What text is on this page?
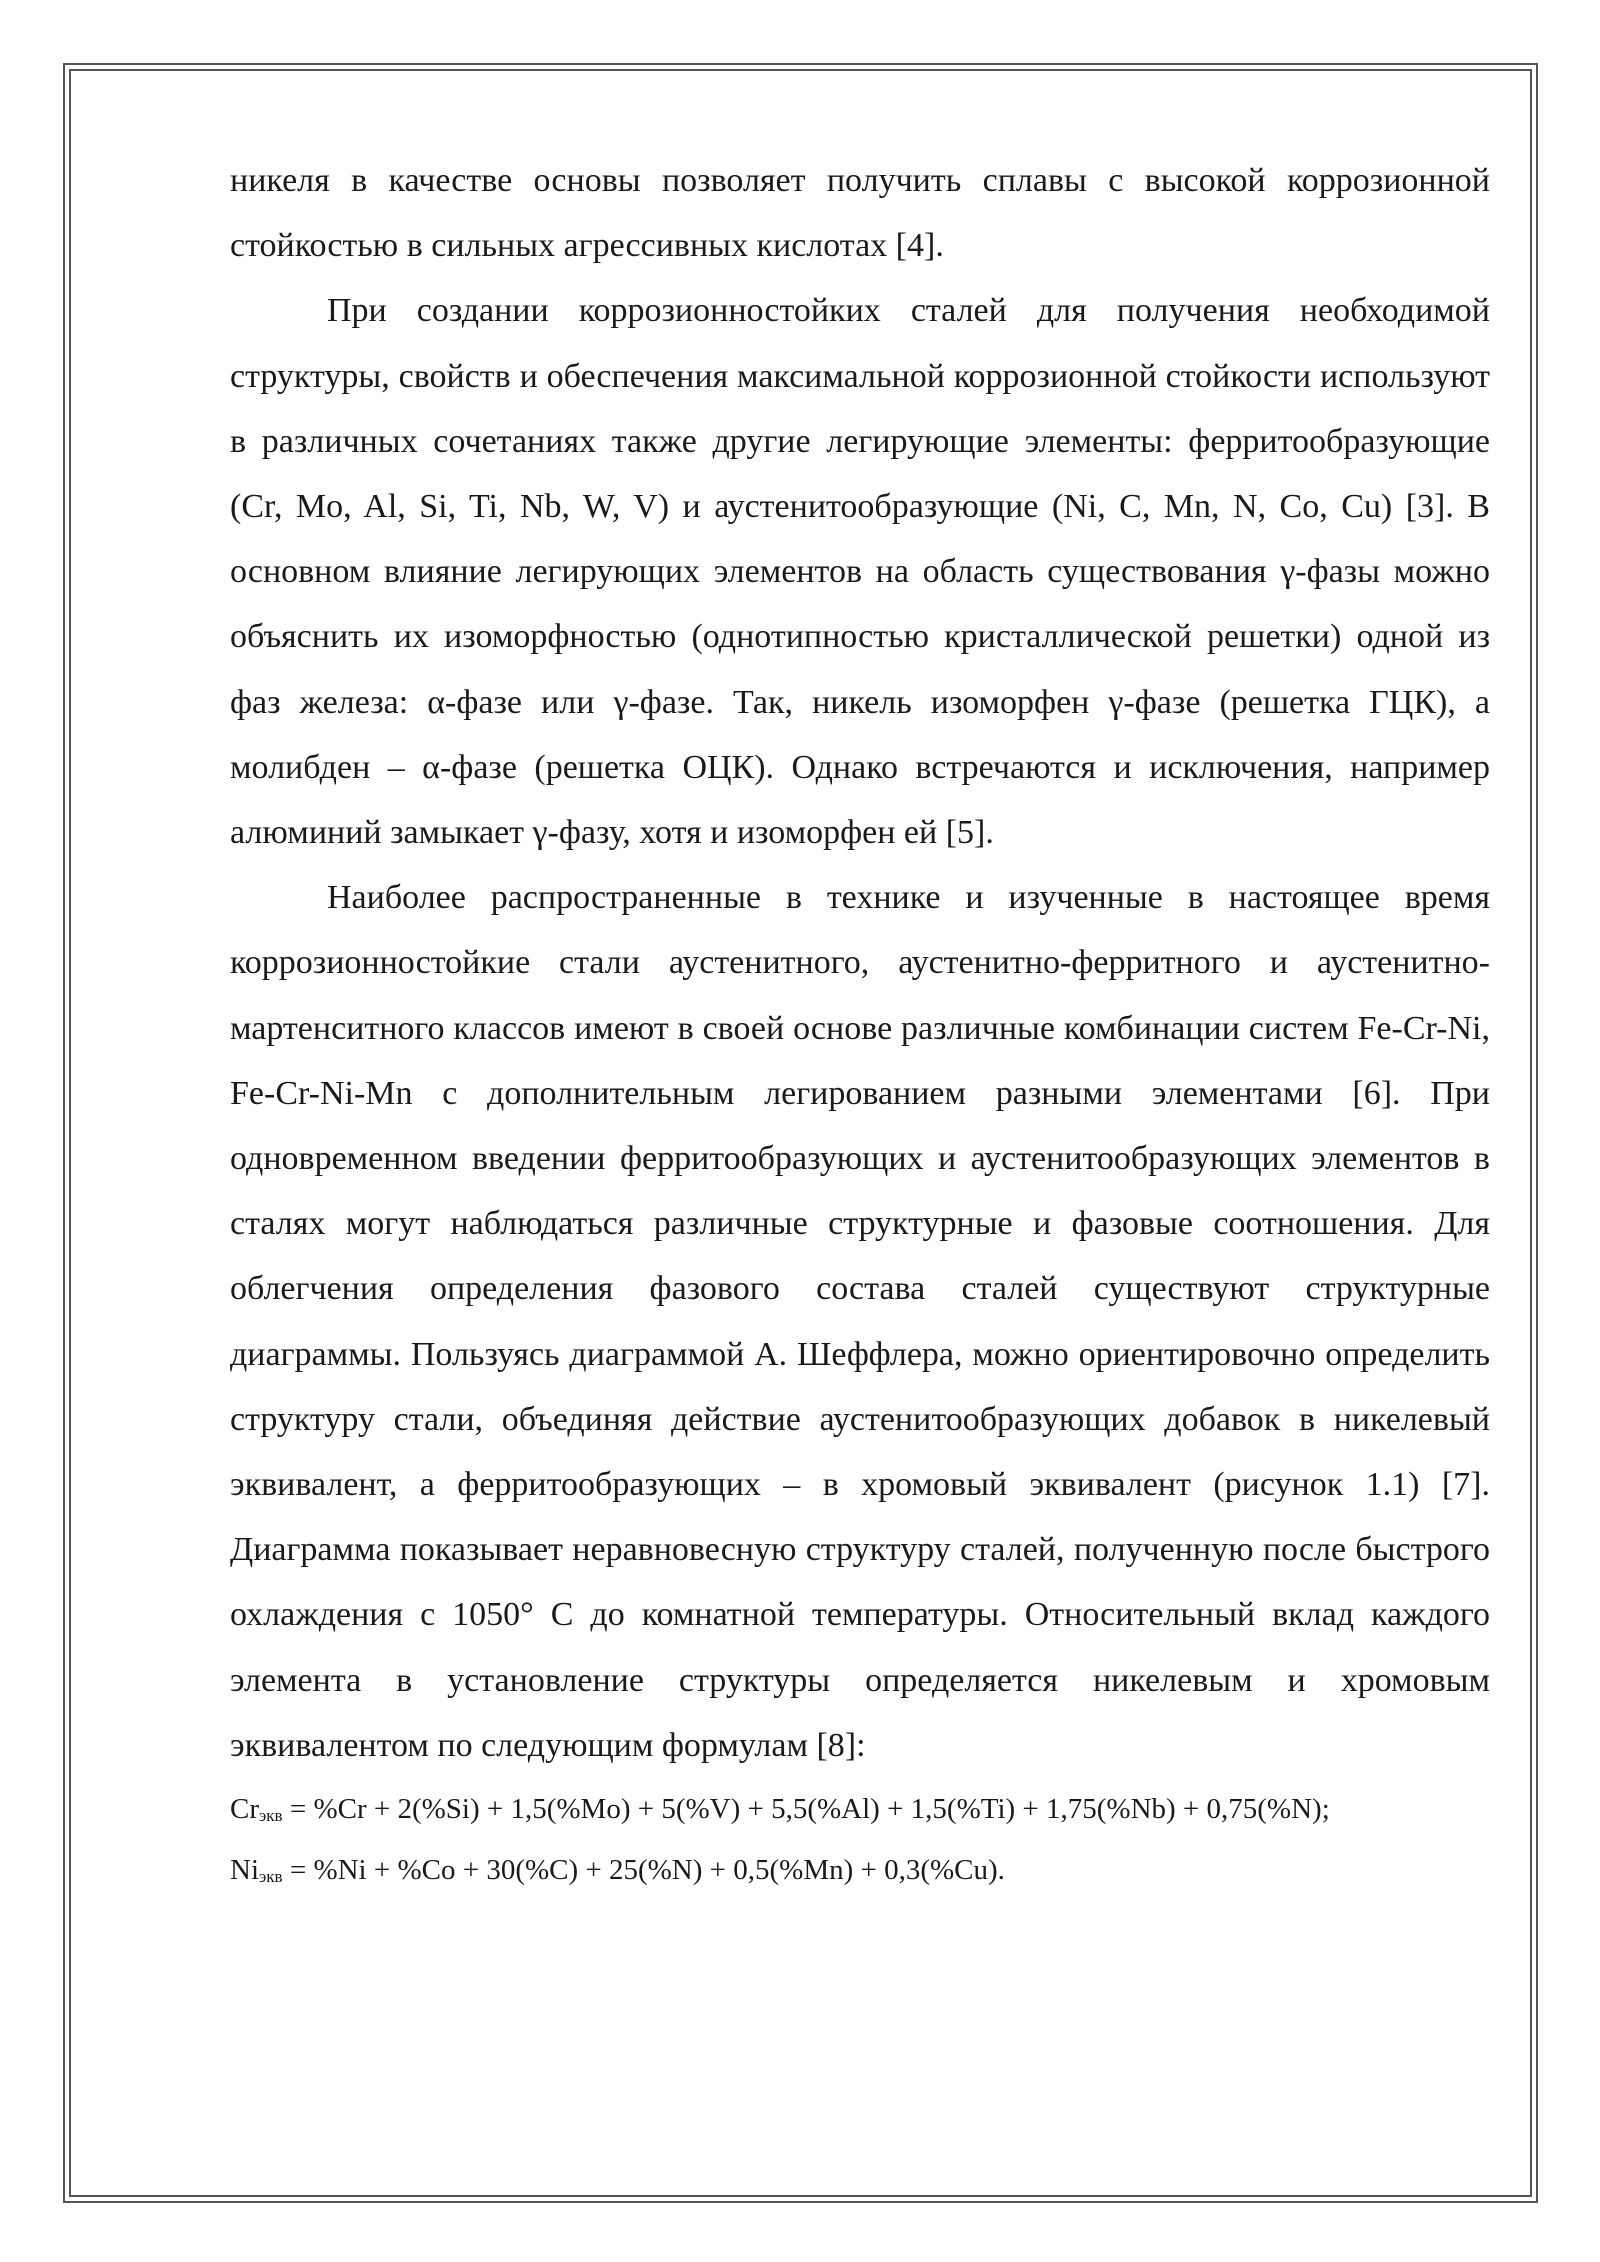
никеля в качестве основы позволяет получить сплавы с высокой коррозионной стойкостью в сильных агрессивных кислотах [4].

При создании коррозионностойких сталей для получения необходимой структуры, свойств и обеспечения максимальной коррозионной стойкости используют в различных сочетаниях также другие легирующие элементы: ферритообразующие (Cr, Mo, Al, Si, Ti, Nb, W, V) и аустенитообразующие (Ni, C, Mn, N, Co, Cu) [3]. В основном влияние легирующих элементов на область существования γ-фазы можно объяснить их изоморфностью (однотипностью кристаллической решетки) одной из фаз железа: α-фазе или γ-фазе. Так, никель изоморфен γ-фазе (решетка ГЦК), а молибден – α-фазе (решетка ОЦК). Однако встречаются и исключения, например алюминий замыкает γ-фазу, хотя и изоморфен ей [5].

Наиболее распространенные в технике и изученные в настоящее время коррозионностойкие стали аустенитного, аустенитно-ферритного и аустенитно-мартенситного классов имеют в своей основе различные комбинации систем Fe-Cr-Ni, Fe-Cr-Ni-Mn с дополнительным легированием разными элементами [6]. При одновременном введении ферритообразующих и аустенитообразующих элементов в сталях могут наблюдаться различные структурные и фазовые соотношения. Для облегчения определения фазового состава сталей существуют структурные диаграммы. Пользуясь диаграммой А. Шеффлера, можно ориентировочно определить структуру стали, объединяя действие аустенитообразующих добавок в никелевый эквивалент, а ферритообразующих – в хромовый эквивалент (рисунок 1.1) [7]. Диаграмма показывает неравновесную структуру сталей, полученную после быстрого охлаждения с 1050° С до комнатной температуры. Относительный вклад каждого элемента в установление структуры определяется никелевым и хромовым эквивалентом по следующим формулам [8]:

Crэкв = %Cr + 2(%Si) + 1,5(%Mo) + 5(%V) + 5,5(%Al) + 1,5(%Ti) + 1,75(%Nb) + 0,75(%N);

Niэкв = %Ni + %Co + 30(%C) + 25(%N) + 0,5(%Mn) + 0,3(%Cu).
